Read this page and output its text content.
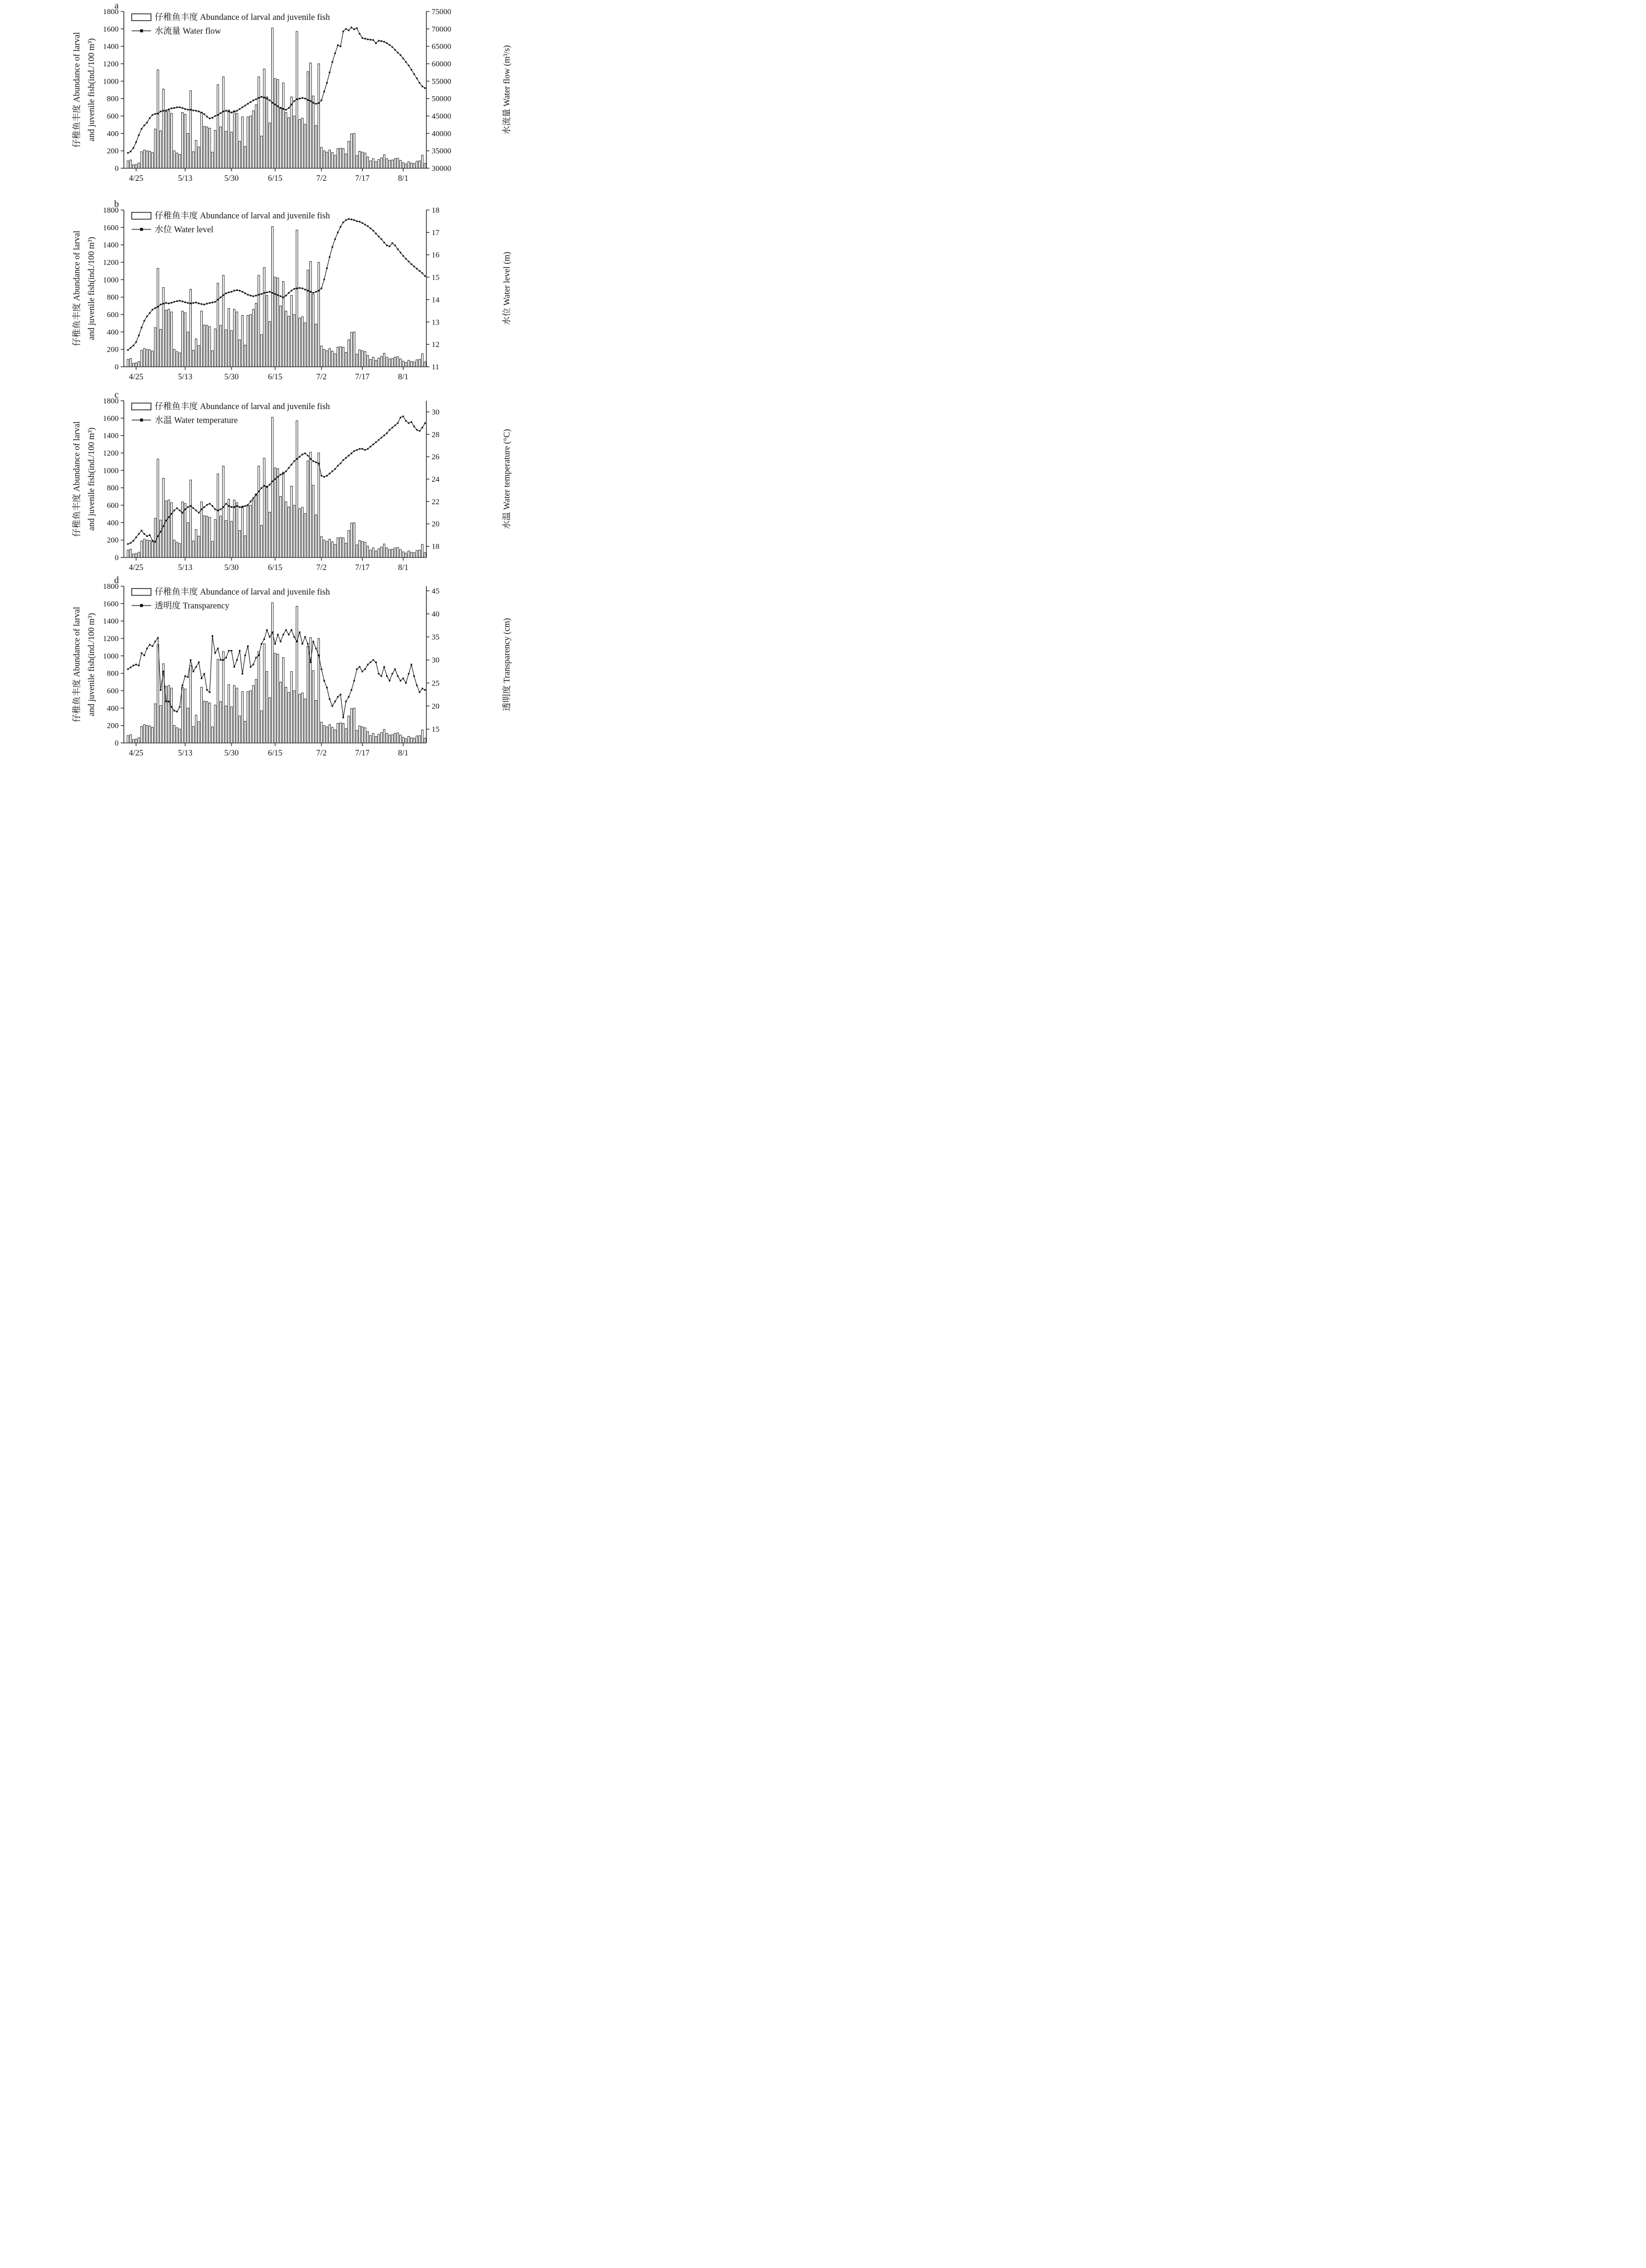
a
0
200
400
600
800
1000
1200
1400
1600
1800
仔稚鱼丰度 Abundance of larval and juvenile fish(ind./100 m³)
30000
35000
40000
45000
50000
55000
60000
65000
70000
75000
水流量 Water flow (m³/s)
4/25	5/13	5/30	6/15	7/2	7/17	8/1
仔稚鱼丰度 Abundance of larval and juvenile fish
水流量 Water flow
b
0
200
400
600
800
1000
1200
1400
1600
1800
仔稚鱼丰度 Abundance of larval and juvenile fish(ind./100 m³)
11
12
13
14
15
16
17
18
水位 Water level (m)
4/25	5/13	5/30	6/15	7/2	7/17	8/1
仔稚鱼丰度 Abundance of larval and juvenile fish
水位 Water level
c
0
200
400
600
800
1000
1200
1400
1600
1800
仔稚鱼丰度 Abundance of larval and juvenile fish(ind./100 m³)
18
20
22
24
26
28
30
水温 Water temperature (°C)
4/25	5/13	5/30	6/15	7/2	7/17	8/1
仔稚鱼丰度 Abundance of larval and juvenile fish
水温 Water temperature
d
0
200
400
600
800
1000
1200
1400
1600
1800
仔稚鱼丰度 Abundance of larval and juvenile fish(ind./100 m³)
15
20
25
30
35
40
45
透明度 Transparency (cm)
4/25	5/13	5/30	6/15	7/2	7/17	8/1
仔稚鱼丰度 Abundance of larval and juvenile fish
透明度 Transparency
